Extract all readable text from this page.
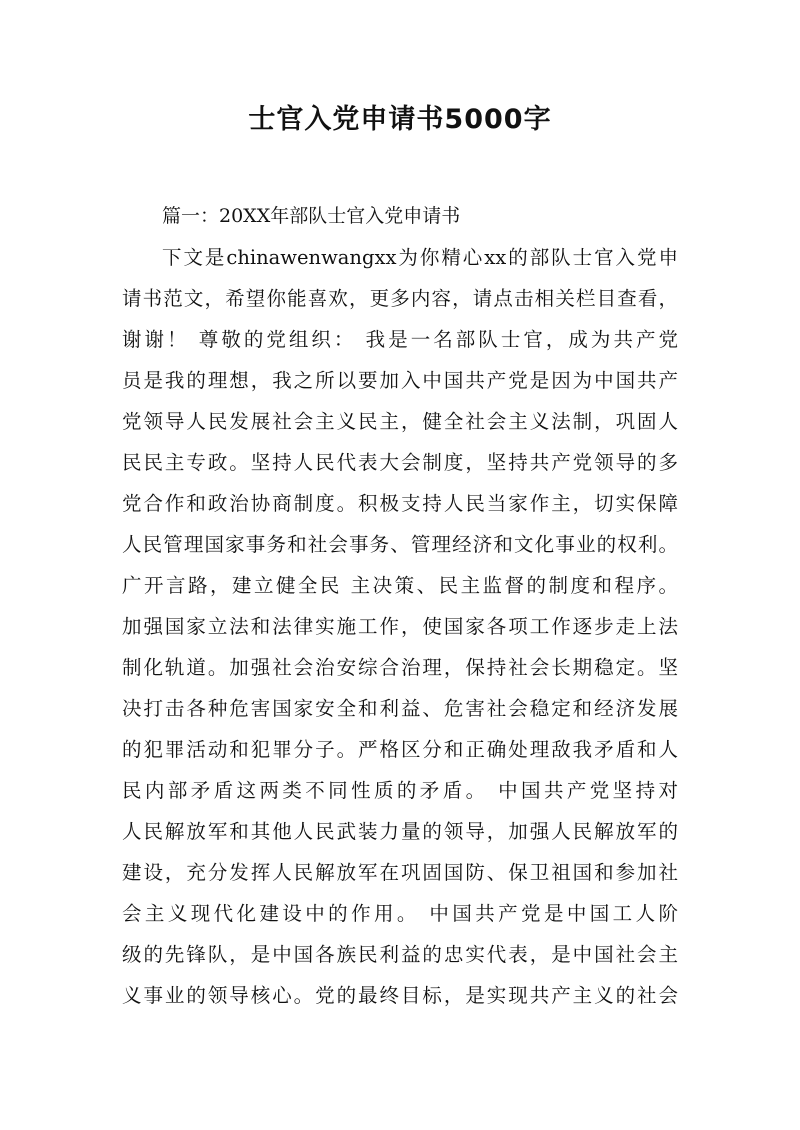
士官入党申请书5000字
篇一：20XX年部队士官入党申请书
下文是chinawenwangxx为你精心xx的部队士官入党申
请书范文，希望你能喜欢，更多内容，请点击相关栏目查看，
谢谢！ 尊敬的党组织： 我是一名部队士官，成为共产党
员是我的理想，我之所以要加入中国共产党是因为中国共产
党领导人民发展社会主义民主，健全社会主义法制，巩固人
民民主专政。坚持人民代表大会制度，坚持共产党领导的多
党合作和政治协商制度。积极支持人民当家作主，切实保障
人民管理国家事务和社会事务、管理经济和文化事业的权利。
广开言路，建立健全民 主决策、民主监督的制度和程序。
加强国家立法和法律实施工作，使国家各项工作逐步走上法
制化轨道。加强社会治安综合治理，保持社会长期稳定。坚
决打击各种危害国家安全和利益、危害社会稳定和经济发展
的犯罪活动和犯罪分子。严格区分和正确处理敌我矛盾和人
民内部矛盾这两类不同性质的矛盾。 中国共产党坚持对
人民解放军和其他人民武装力量的领导，加强人民解放军的
建设，充分发挥人民解放军在巩固国防、保卫祖国和参加社
会主义现代化建设中的作用。 中国共产党是中国工人阶
级的先锋队，是中国各族民利益的忠实代表，是中国社会主
义事业的领导核心。党的最终目标，是实现共产主义的社会
